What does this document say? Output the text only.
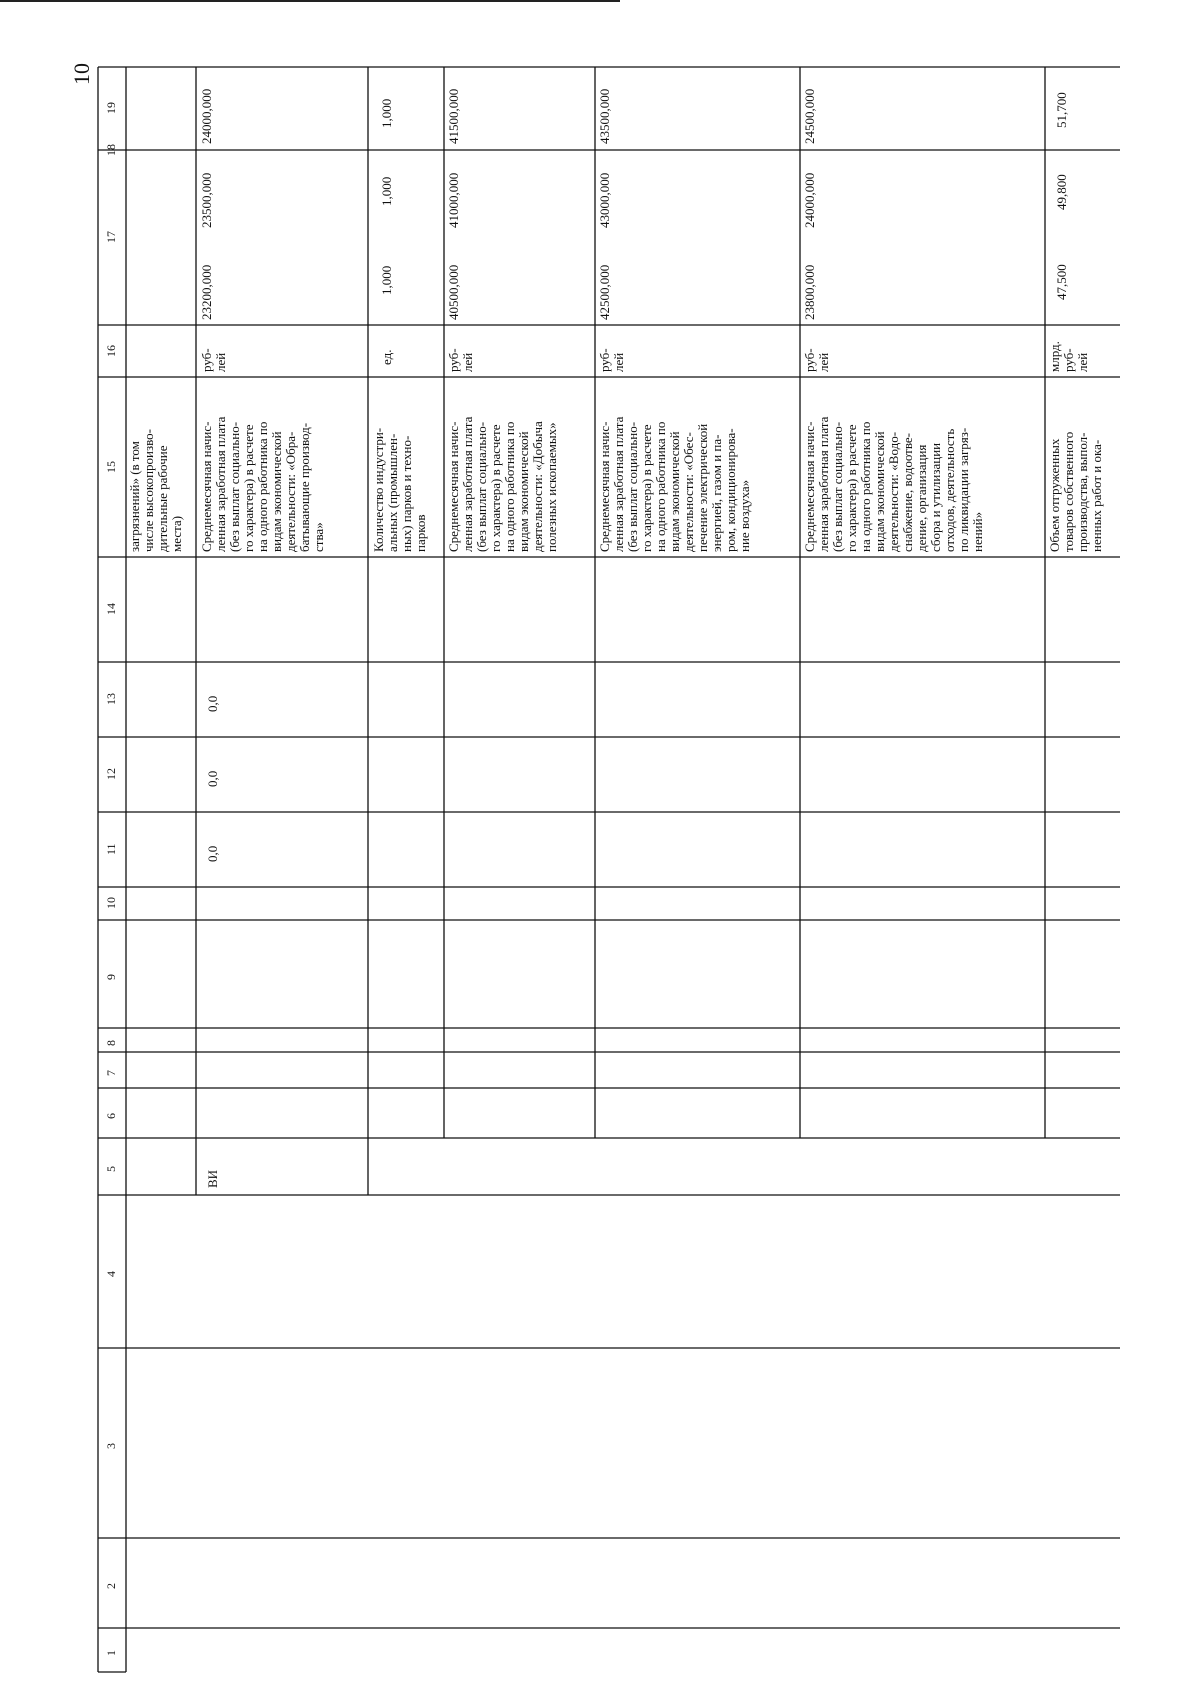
10
1
2
3
4
5
6
7
8
9
10
11
12
13
14
15
16
17
18
19
загрязнений» (в том
числе высокопроизво-
дительные рабочие
места)
ВИ
0,0
0,0
0,0
Среднемесячная начис-
ленная заработная плата
(без выплат социально-
го характера) в расчете
на одного работника по
видам экономической
деятельности: «Обра-
батывающие производ-
ства»
руб-
лей
23200,000
23500,000
24000,000
Количество индустри-
альных (промышлен-
ных) парков и техно-
парков
ед.
1,000
1,000
1,000
Среднемесячная начис-
ленная заработная плата
(без выплат социально-
го характера) в расчете
на одного работника по
видам экономической
деятельности: «Добыча
полезных ископаемых»
руб-
лей
40500,000
41000,000
41500,000
Среднемесячная начис-
ленная заработная плата
(без выплат социально-
го характера) в расчете
на одного работника по
видам экономической
деятельности: «Обес-
печение электрической
энергией, газом и па-
ром, кондиционирова-
ние воздуха»
руб-
лей
42500,000
43000,000
43500,000
Среднемесячная начис-
ленная заработная плата
(без выплат социально-
го характера) в расчете
на одного работника по
видам экономической
деятельности: «Водо-
снабжение, водоотве-
дение, организация
сбора и утилизации
отходов, деятельность
по ликвидации загряз-
нений»
руб-
лей
23800,000
24000,000
24500,000
Объем отгруженных
товаров собственного
производства, выпол-
ненных работ и ока-
млрд.
руб-
лей
47,500
49,800
51,700
